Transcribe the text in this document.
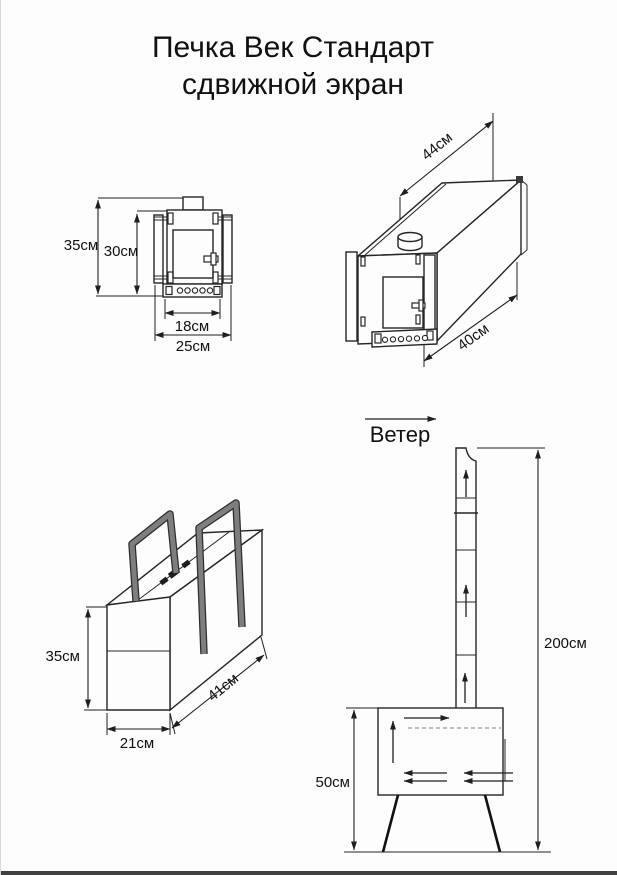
Печка Век Стандарт
сдвижной экран
35см 30см
18см
25см
44см
40см
35см
21см
41см
Ветер
50см
200см
